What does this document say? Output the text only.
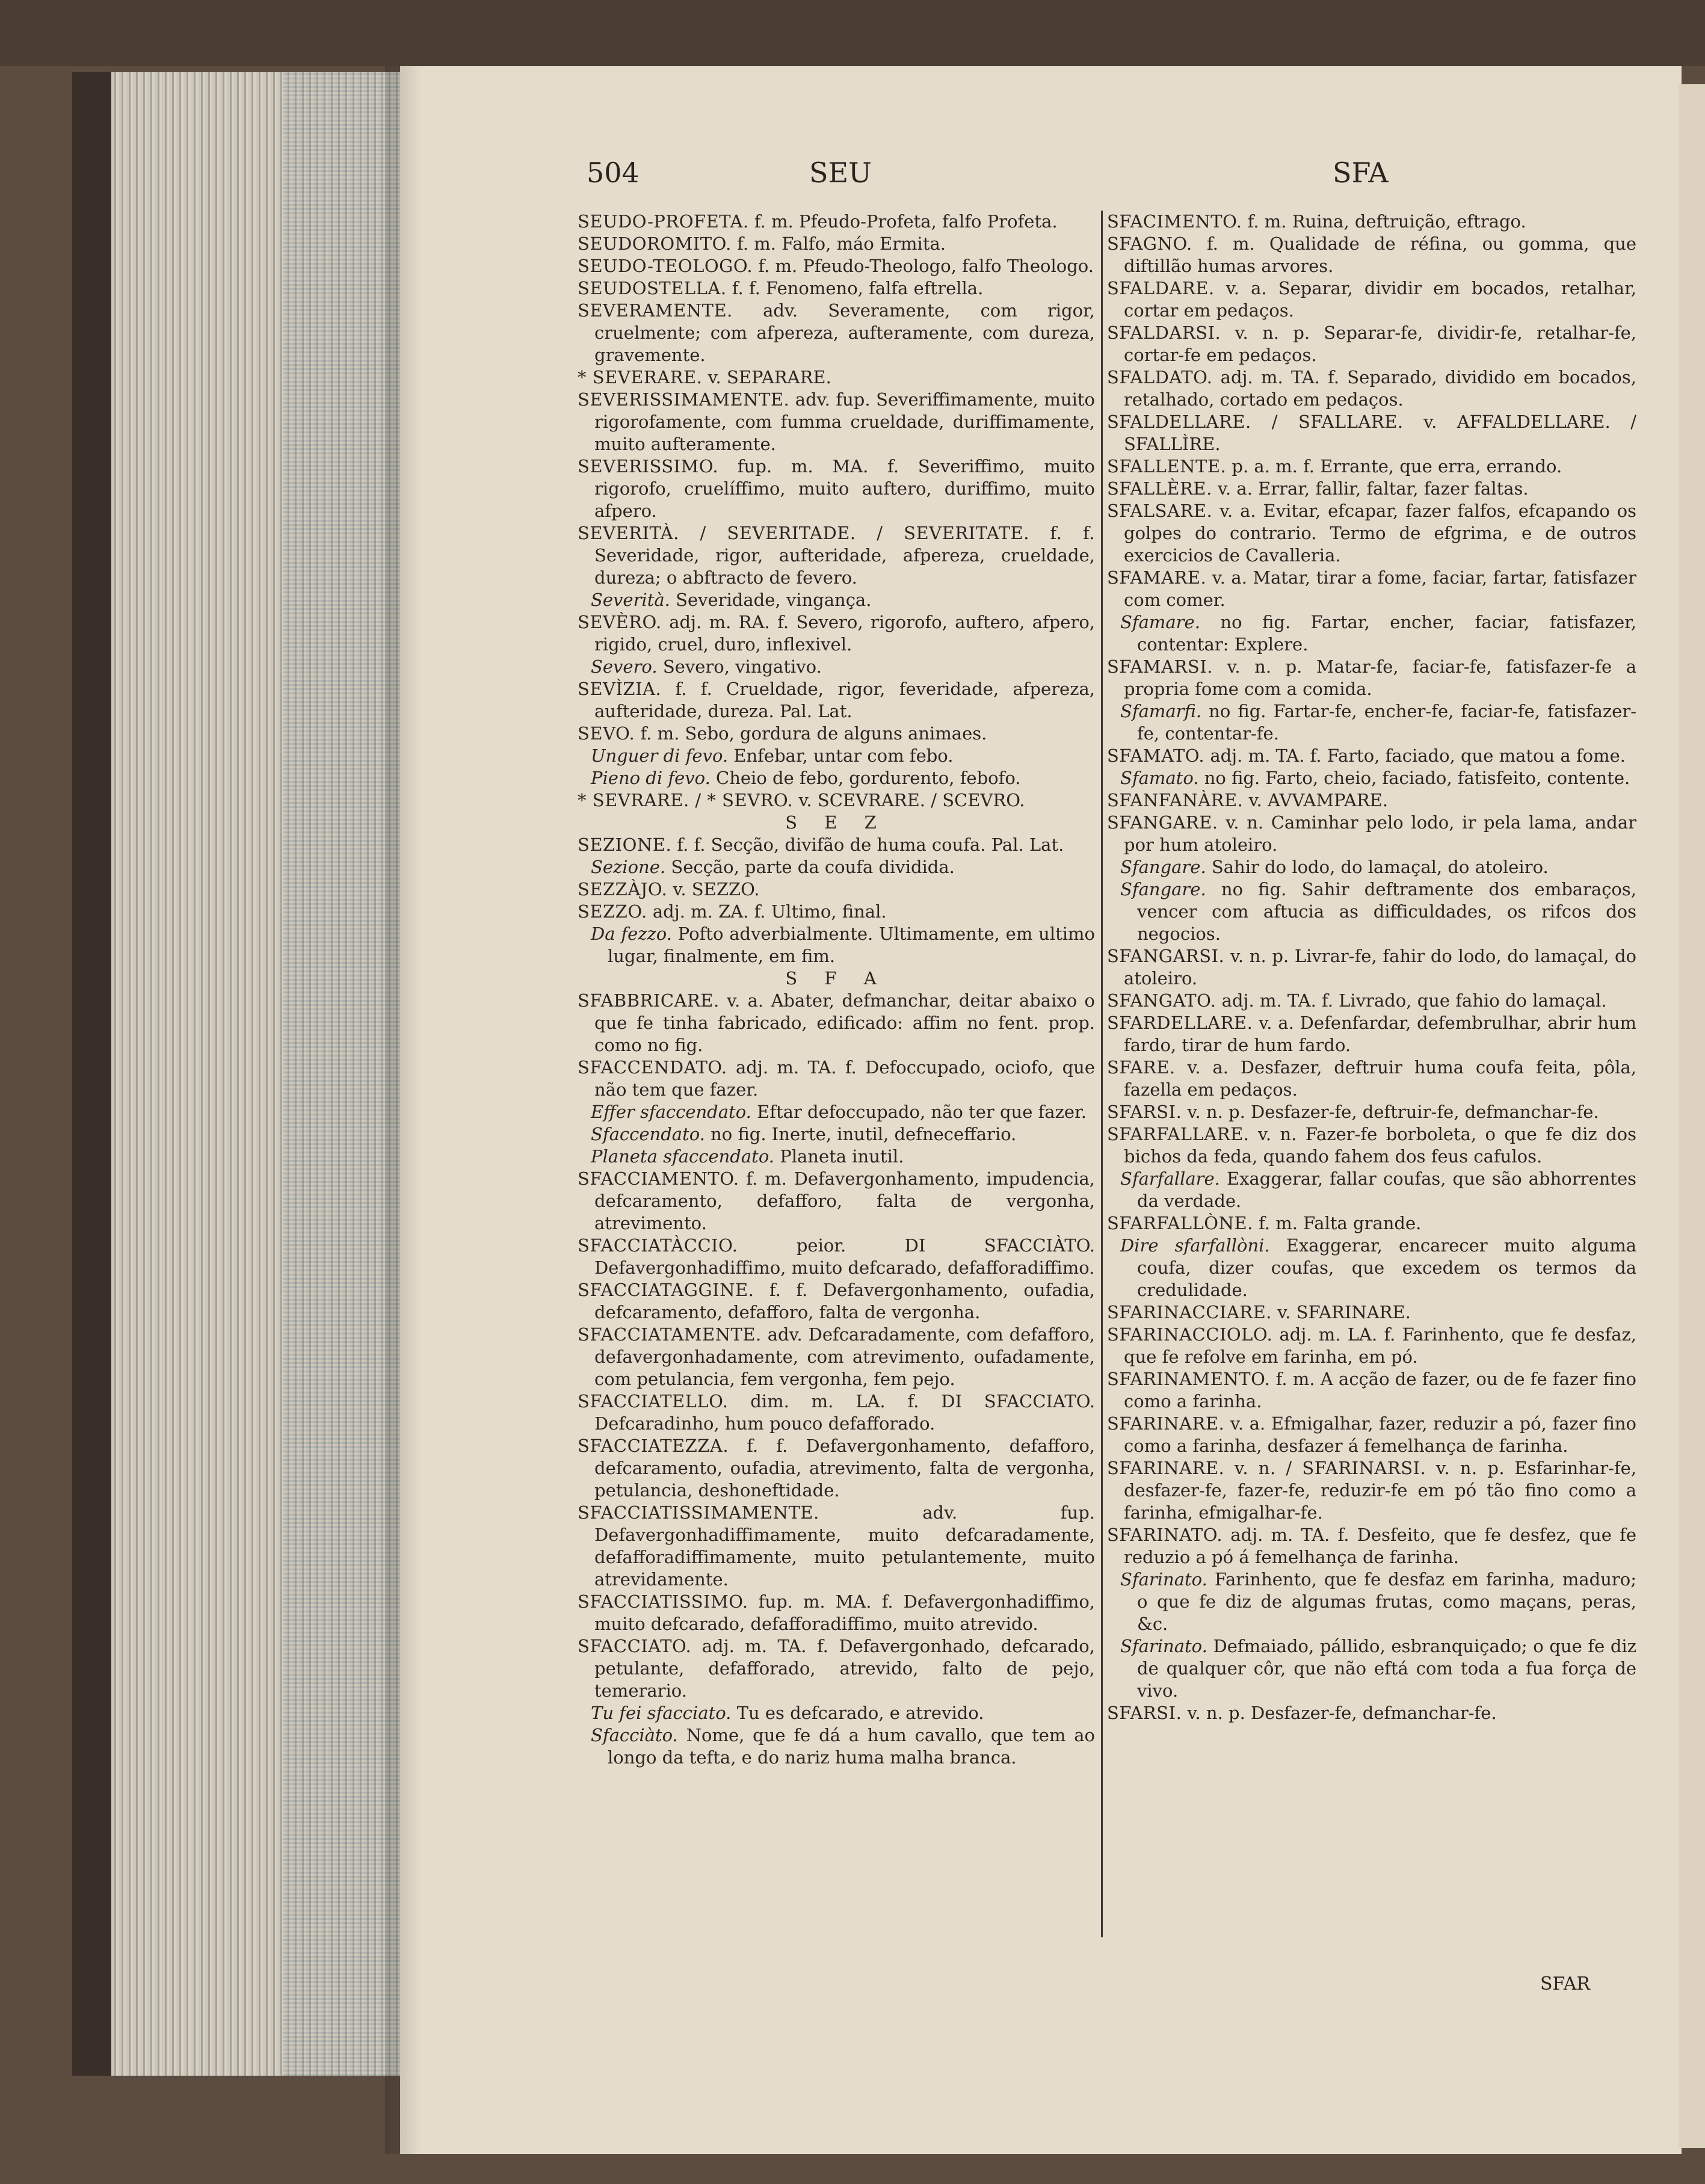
504	SEU	SFA

SEUDO-PROFETA. f. m. Pfeudo-Profeta, falfo Profeta.

SEUDOROMITO. f. m. Falfo, máo Ermita.

SEUDO-TEOLOGO. f. m. Pfeudo-Theologo, falfo Theologo.

SEUDOSTELLA. f. f. Fenomeno, falfa eftrella.

SEVERAMENTE. adv. Severamente, com rigor, cruelmente; com afpereza, aufteramente, com dureza, gravemente.

* SEVERARE. v. SEPARARE.

SEVERISSIMAMENTE. adv. fup. Severiffimamente, muito rigorofamente, com fumma crueldade, duriffimamente, muito aufteramente.

SEVERISSIMO. fup. m. MA. f. Severiffimo, muito rigorofo, cruelíffimo, muito auftero, duriffimo, muito afpero.

SEVERITÀ. / SEVERITADE. / SEVERITATE. f. f. Severidade, rigor, aufteridade, afpereza, crueldade, dureza; o abftracto de fevero.

Severità. Severidade, vingança.

SEVÈRO. adj. m. RA. f. Severo, rigorofo, auftero, afpero, rigido, cruel, duro, inflexivel.

Severo. Severo, vingativo.

SEVÌZIA. f. f. Crueldade, rigor, feveridade, afpereza, aufteridade, dureza. Pal. Lat.

SEVO. f. m. Sebo, gordura de alguns animaes.

Unguer di fevo. Enfebar, untar com febo.

Pieno di fevo. Cheio de febo, gordurento, febofo.

* SEVRARE. / * SEVRO. v. SCEVRARE. / SCEVRO.

S E Z

SEZIONE. f. f. Secção, divifão de huma coufa. Pal. Lat.

Sezione. Secção, parte da coufa dividida.

SEZZÀJO. v. SEZZO.

SEZZO. adj. m. ZA. f. Ultimo, final.

Da fezzo. Pofto adverbialmente. Ultimamente, em ultimo lugar, finalmente, em fim.

S F A

SFABBRICARE. v. a. Abater, defmanchar, deitar abaixo o que fe tinha fabricado, edificado: affim no fent. prop. como no fig.

SFACCENDATO. adj. m. TA. f. Defoccupado, ociofo, que não tem que fazer.

Effer sfaccendato. Eftar defoccupado, não ter que fazer.

Sfaccendato. no fig. Inerte, inutil, defneceffario.

Planeta sfaccendato. Planeta inutil.

SFACCIAMENTO. f. m. Defavergonhamento, impudencia, defcaramento, defafforo, falta de vergonha, atrevimento.

SFACCIATÀCCIO.	peior. DI SFACCIÀTO. Defavergonhadiffimo, muito defcarado, defafforadiffimo.

SFACCIATAGGINE. f. f. Defavergonhamento, oufadia, defcaramento, defafforo, falta de vergonha.

SFACCIATAMENTE. adv. Defcaradamente, com defafforo, defavergonhadamente, com atrevimento, oufadamente, com petulancia, fem vergonha, fem pejo.

SFACCIATELLO. dim. m. LA. f. DI SFACCIATO. Defcaradinho, hum pouco defafforado.

SFACCIATEZZA. f. f. Defavergonhamento, defafforo, defcaramento, oufadia, atrevimento, falta de vergonha, petulancia, deshoneftidade.

SFACCIATISSIMAMENTE.	adv. fup. Defavergonhadiffimamente, muito defcaradamente, defafforadiffimamente, muito petulantemente, muito atrevidamente.

SFACCIATISSIMO. fup. m. MA. f. Defavergonhadiffimo, muito defcarado, defafforadiffimo, muito atrevido.

SFACCIATO. adj. m. TA. f. Defavergonhado, defcarado, petulante, defafforado, atrevido, falto de pejo, temerario.

Tu fei sfacciato. Tu es defcarado, e atrevido.

Sfacciàto. Nome, que fe dá a hum cavallo, que tem ao longo da tefta, e do nariz huma malha branca.

SFACIMENTO. f. m. Ruina, deftruição, eftrago.

SFAGNO. f. m. Qualidade de réfina, ou gomma, que diftillão humas arvores.

SFALDARE. v. a. Separar, dividir em bocados, retalhar, cortar em pedaços.

SFALDARSI. v. n. p. Separar-fe, dividir-fe, retalhar-fe, cortar-fe em pedaços.

SFALDATO. adj. m. TA. f. Separado, dividido em bocados, retalhado, cortado em pedaços.

SFALDELLARE. / SFALLARE. v. AFFALDELLARE. / SFALLÌRE.

SFALLENTE. p. a. m. f. Errante, que erra, errando.

SFALLÈRE. v. a. Errar, fallir, faltar, fazer faltas.

SFALSARE. v. a. Evitar, efcapar, fazer falfos, efcapando os golpes do contrario. Termo de efgrima, e de outros exercicios de Cavalleria.

SFAMARE. v. a. Matar, tirar a fome, faciar, fartar, fatisfazer com comer.

Sfamare. no fig. Fartar, encher, faciar, fatisfazer, contentar: Explere.

SFAMARSI. v. n. p. Matar-fe, faciar-fe, fatisfazer-fe a propria fome com a comida.

Sfamarfi. no fig. Fartar-fe, encher-fe, faciar-fe, fatisfazer-fe, contentar-fe.

SFAMATO. adj. m. TA. f. Farto, faciado, que matou a fome.

Sfamato. no fig. Farto, cheio, faciado, fatisfeito, contente.

SFANFANÀRE. v. AVVAMPARE.

SFANGARE. v. n. Caminhar pelo lodo, ir pela lama, andar por hum atoleiro.

Sfangare. Sahir do lodo, do lamaçal, do atoleiro.

Sfangare. no fig. Sahir deftramente dos embaraços, vencer com aftucia as difficuldades, os rifcos dos negocios.

SFANGARSI. v. n. p. Livrar-fe, fahir do lodo, do lamaçal, do atoleiro.

SFANGATO. adj. m. TA. f. Livrado, que fahio do lamaçal.

SFARDELLARE. v. a. Defenfardar, defembrulhar, abrir hum fardo, tirar de hum fardo.

SFARE. v. a. Desfazer, deftruir huma coufa feita, pôla, fazella em pedaços.

SFARSI. v. n. p. Desfazer-fe, deftruir-fe, defmanchar-fe.

SFARFALLARE. v. n. Fazer-fe borboleta, o que fe diz dos bichos da feda, quando fahem dos feus cafulos.

Sfarfallare. Exaggerar, fallar coufas, que são abhorrentes da verdade.

SFARFALLÒNE. f. m. Falta grande.

Dire sfarfallòni. Exaggerar, encarecer muito alguma coufa, dizer coufas, que excedem os termos da credulidade.

SFARINACCIARE. v. SFARINARE.

SFARINACCIOLO. adj. m. LA. f. Farinhento, que fe desfaz, que fe refolve em farinha, em pó.

SFARINAMENTO. f. m. A acção de fazer, ou de fe fazer fino como a farinha.

SFARINARE. v. a. Efmigalhar, fazer, reduzir a pó, fazer fino como a farinha, desfazer á femelhança de farinha.

SFARINARE. v. n. / SFARINARSI. v. n. p. Esfarinhar-fe, desfazer-fe, fazer-fe, reduzir-fe em pó tão fino como a farinha, efmigalhar-fe.

SFARINATO. adj. m. TA. f. Desfeito, que fe desfez, que fe reduzio a pó á femelhança de farinha.

Sfarinato. Farinhento, que fe desfaz em farinha, maduro; o que fe diz de algumas frutas, como maçans, peras, &c.

Sfarinato. Defmaiado, pállido, esbranquiçado; o que fe diz de qualquer côr, que não eftá com toda a fua força de vivo.

SFARSI. v. n. p. Desfazer-fe, defmanchar-fe.

SFAR
